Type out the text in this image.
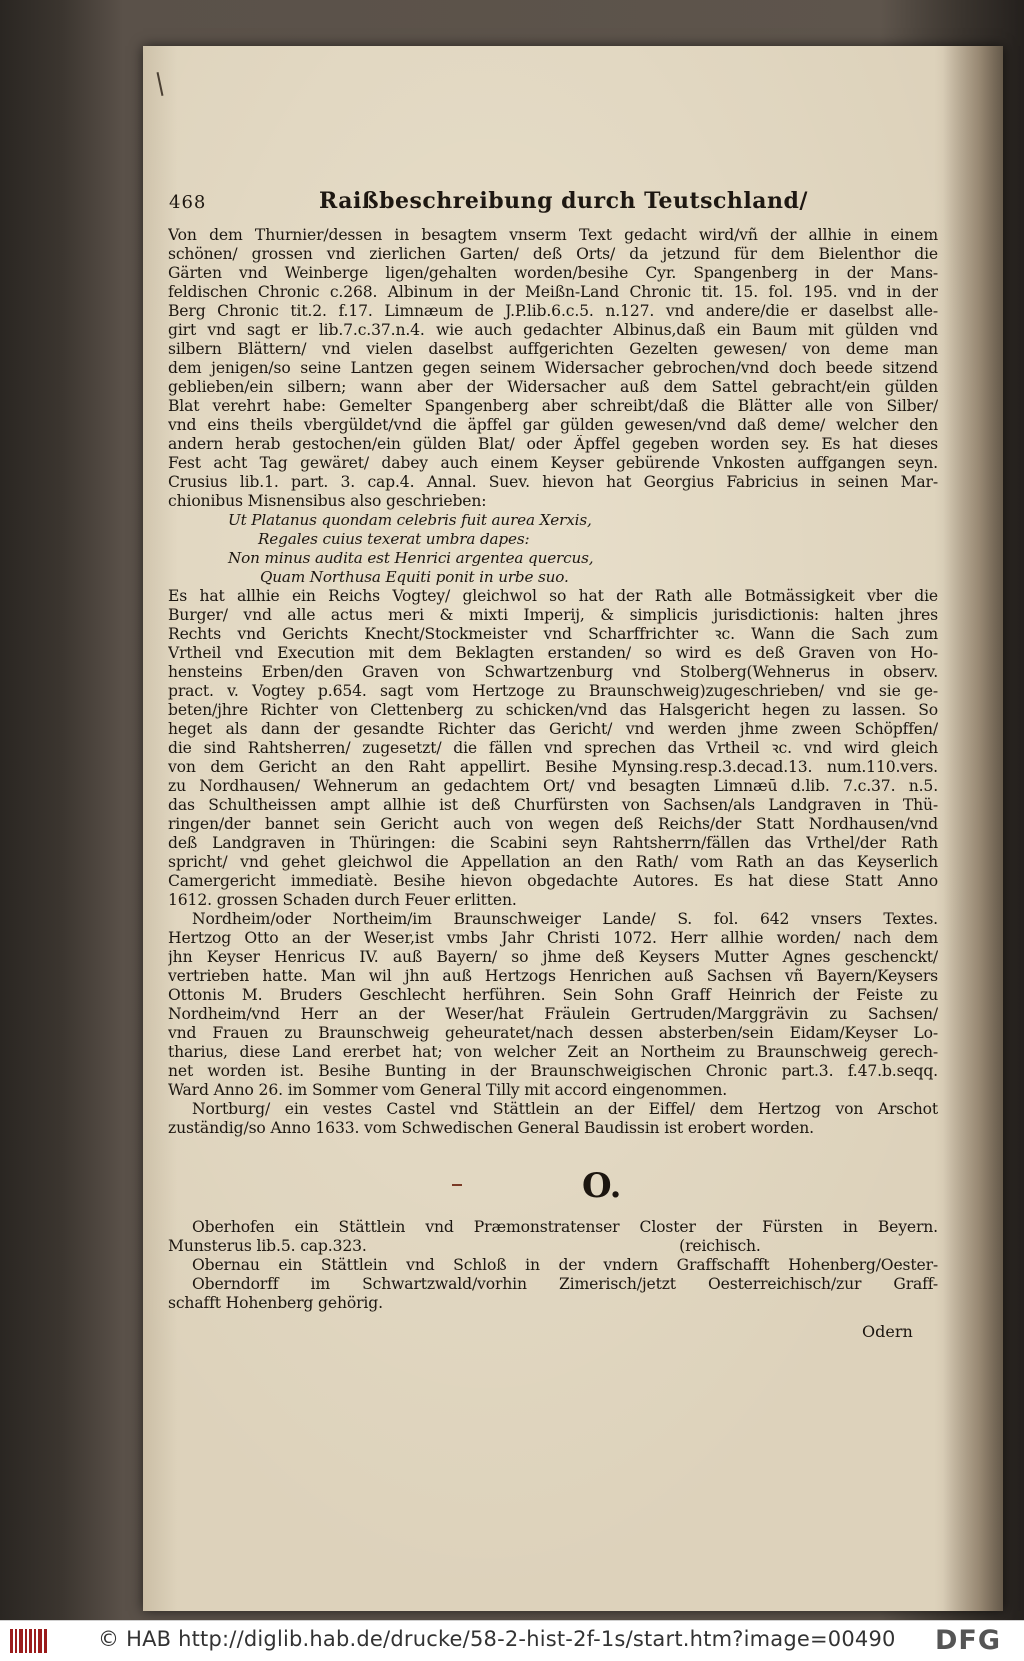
468	Raißbeschreibung durch Teutschland/
Von dem Thurnier/dessen in besagtem vnserm Text gedacht wird/vñ der allhie in einem
schönen/ grossen vnd zierlichen Garten/ deß Orts/ da jetzund für dem Bielenthor die
Gärten vnd Weinberge ligen/gehalten worden/besihe Cyr. Spangenberg in der Mans-
feldischen Chronic c.268. Albinum in der Meißn-Land Chronic tit. 15. fol. 195. vnd in der
Berg Chronic tit.2. f.17. Limnæum de J.P.lib.6.c.5. n.127. vnd andere/die er daselbst alle-
girt vnd sagt er lib.7.c.37.n.4. wie auch gedachter Albinus,daß ein Baum mit gülden vnd
silbern Blättern/ vnd vielen daselbst auffgerichten Gezelten gewesen/ von deme man
dem jenigen/so seine Lantzen gegen seinem Widersacher gebrochen/vnd doch beede sitzend
geblieben/ein silbern; wann aber der Widersacher auß dem Sattel gebracht/ein gülden
Blat verehrt habe: Gemelter Spangenberg aber schreibt/daß die Blätter alle von Silber/
vnd eins theils vbergüldet/vnd die äpffel gar gülden gewesen/vnd daß deme/ welcher den
andern herab gestochen/ein gülden Blat/ oder Äpffel gegeben worden sey. Es hat dieses
Fest acht Tag gewäret/ dabey auch einem Keyser gebürende Vnkosten auffgangen seyn.
Crusius lib.1. part. 3. cap.4. Annal. Suev. hievon hat Georgius Fabricius in seinen Mar-
chionibus Misnensibus also geschrieben:
Ut Platanus quondam celebris fuit aurea Xerxis,
Regales cuius texerat umbra dapes:
Non minus audita est Henrici argentea quercus,
Quam Northusa Equiti ponit in urbe suo.
Es hat allhie ein Reichs Vogtey/ gleichwol so hat der Rath alle Botmässigkeit vber die
Burger/ vnd alle actus meri & mixti Imperij, & simplicis jurisdictionis: halten jhres
Rechts vnd Gerichts Knecht/Stockmeister vnd Scharffrichter ꝛc. Wann die Sach zum
Vrtheil vnd Execution mit dem Beklagten erstanden/ so wird es deß Graven von Ho-
hensteins Erben/den Graven von Schwartzenburg vnd Stolberg(Wehnerus in observ.
pract. v. Vogtey p.654. sagt vom Hertzoge zu Braunschweig)zugeschrieben/ vnd sie ge-
beten/jhre Richter von Clettenberg zu schicken/vnd das Halsgericht hegen zu lassen. So
heget als dann der gesandte Richter das Gericht/ vnd werden jhme zween Schöpffen/
die sind Rahtsherren/ zugesetzt/ die fällen vnd sprechen das Vrtheil ꝛc. vnd wird gleich
von dem Gericht an den Raht appellirt. Besihe Mynsing.resp.3.decad.13. num.110.vers.
zu Nordhausen/ Wehnerum an gedachtem Ort/ vnd besagten Limnæū d.lib. 7.c.37. n.5.
das Schultheissen ampt allhie ist deß Churfürsten von Sachsen/als Landgraven in Thü-
ringen/der bannet sein Gericht auch von wegen deß Reichs/der Statt Nordhausen/vnd
deß Landgraven in Thüringen: die Scabini seyn Rahtsherrn/fällen das Vrthel/der Rath
spricht/ vnd gehet gleichwol die Appellation an den Rath/ vom Rath an das Keyserlich
Camergericht immediatè. Besihe hievon obgedachte Autores. Es hat diese Statt Anno
1612. grossen Schaden durch Feuer erlitten.
Nordheim/oder Northeim/im Braunschweiger Lande/ S. fol. 642 vnsers Textes.
Hertzog Otto an der Weser,ist vmbs Jahr Christi 1072. Herr allhie worden/ nach dem
jhn Keyser Henricus IV. auß Bayern/ so jhme deß Keysers Mutter Agnes geschenckt/
vertrieben hatte. Man wil jhn auß Hertzogs Henrichen auß Sachsen vñ Bayern/Keysers
Ottonis M. Bruders Geschlecht herführen. Sein Sohn Graff Heinrich der Feiste zu
Nordheim/vnd Herr an der Weser/hat Fräulein Gertruden/Marggrävin zu Sachsen/
vnd Frauen zu Braunschweig geheuratet/nach dessen absterben/sein Eidam/Keyser Lo-
tharius, diese Land ererbet hat; von welcher Zeit an Northeim zu Braunschweig gerech-
net worden ist. Besihe Bunting in der Braunschweigischen Chronic part.3. f.47.b.seqq.
Ward Anno 26. im Sommer vom General Tilly mit accord eingenommen.
Nortburg/ ein vestes Castel vnd Stättlein an der Eiffel/ dem Hertzog von Arschot
zuständig/so Anno 1633. vom Schwedischen General Baudissin ist erobert worden.
O.
Oberhofen ein Stättlein vnd Præmonstratenser Closter der Fürsten in Beyern.
Munsterus lib.5. cap.323.                                                                 (reichisch.
Obernau ein Stättlein vnd Schloß in der vndern Graffschafft Hohenberg/Oester-
Oberndorff im Schwartzwald/vorhin Zimerisch/jetzt Oesterreichisch/zur Graff-
schafft Hohenberg gehörig.
Odern
© HAB http://diglib.hab.de/drucke/58-2-hist-2f-1s/start.htm?image=00490 DFG
